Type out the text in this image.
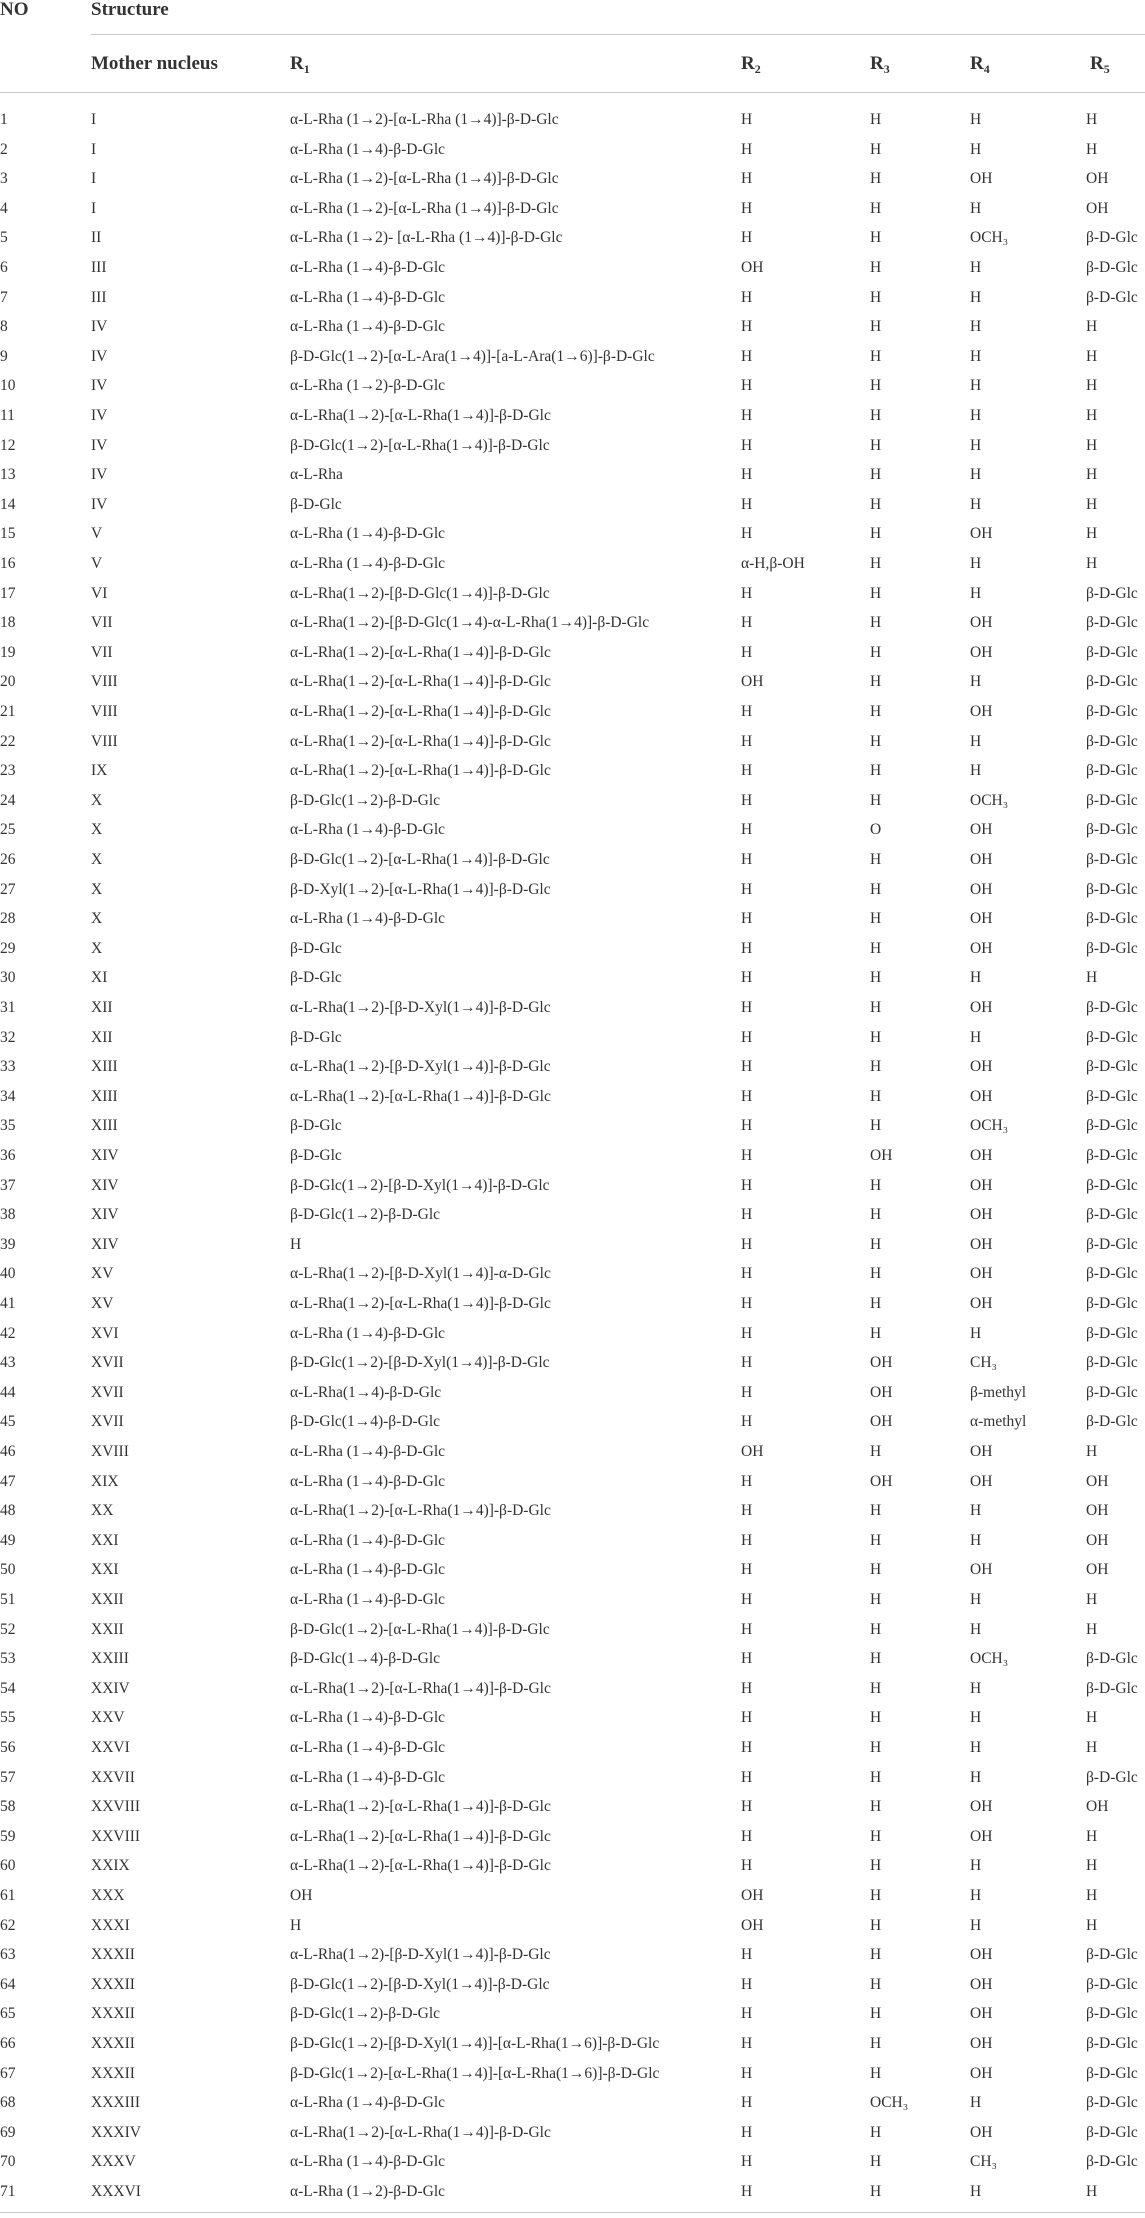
NO	Structure
Mother nucleus	$R_1$	$R_2$	$R_3$	$R_4$	$R_5$
1	I	α-L-Rha (1→2)-[α-L-Rha (1→4)]-β-D-Glc	H	H	H	H
2	I	α-L-Rha (1→4)-β-D-Glc	H	H	H	H
3	I	α-L-Rha (1→2)-[α-L-Rha (1→4)]-β-D-Glc	H	H	OH	OH
4	I	α-L-Rha (1→2)-[α-L-Rha (1→4)]-β-D-Glc	H	H	H	OH
5	II	α-L-Rha (1→2)- [α-L-Rha (1→4)]-β-D-Glc	H	H	OCH₃	β-D-Glc
6	III	α-L-Rha (1→4)-β-D-Glc	OH	H	H	β-D-Glc
7	III	α-L-Rha (1→4)-β-D-Glc	H	H	H	β-D-Glc
8	IV	α-L-Rha (1→4)-β-D-Glc	H	H	H	H
9	IV	β-D-Glc(1→2)-[α-L-Ara(1→4)]-[a-L-Ara(1→6)]-β-D-Glc	H	H	H	H
10	IV	α-L-Rha (1→2)-β-D-Glc	H	H	H	H
11	IV	α-L-Rha(1→2)-[α-L-Rha(1→4)]-β-D-Glc	H	H	H	H
12	IV	β-D-Glc(1→2)-[α-L-Rha(1→4)]-β-D-Glc	H	H	H	H
13	IV	α-L-Rha	H	H	H	H
14	IV	β-D-Glc	H	H	H	H
15	V	α-L-Rha (1→4)-β-D-Glc	H	H	OH	H
16	V	α-L-Rha (1→4)-β-D-Glc	α-H,β-OH	H	H	H
17	VI	α-L-Rha(1→2)-[β-D-Glc(1→4)]-β-D-Glc	H	H	H	β-D-Glc
18	VII	α-L-Rha(1→2)-[β-D-Glc(1→4)-α-L-Rha(1→4)]-β-D-Glc	H	H	OH	β-D-Glc
19	VII	α-L-Rha(1→2)-[α-L-Rha(1→4)]-β-D-Glc	H	H	OH	β-D-Glc
20	VIII	α-L-Rha(1→2)-[α-L-Rha(1→4)]-β-D-Glc	OH	H	H	β-D-Glc
21	VIII	α-L-Rha(1→2)-[α-L-Rha(1→4)]-β-D-Glc	H	H	OH	β-D-Glc
22	VIII	α-L-Rha(1→2)-[α-L-Rha(1→4)]-β-D-Glc	H	H	H	β-D-Glc
23	IX	α-L-Rha(1→2)-[α-L-Rha(1→4)]-β-D-Glc	H	H	H	β-D-Glc
24	X	β-D-Glc(1→2)-β-D-Glc	H	H	OCH₃	β-D-Glc
25	X	α-L-Rha (1→4)-β-D-Glc	H	O	OH	β-D-Glc
26	X	β-D-Glc(1→2)-[α-L-Rha(1→4)]-β-D-Glc	H	H	OH	β-D-Glc
27	X	β-D-Xyl(1→2)-[α-L-Rha(1→4)]-β-D-Glc	H	H	OH	β-D-Glc
28	X	α-L-Rha (1→4)-β-D-Glc	H	H	OH	β-D-Glc
29	X	β-D-Glc	H	H	OH	β-D-Glc
30	XI	β-D-Glc	H	H	H	H
31	XII	α-L-Rha(1→2)-[β-D-Xyl(1→4)]-β-D-Glc	H	H	OH	β-D-Glc
32	XII	β-D-Glc	H	H	H	β-D-Glc
33	XIII	α-L-Rha(1→2)-[β-D-Xyl(1→4)]-β-D-Glc	H	H	OH	β-D-Glc
34	XIII	α-L-Rha(1→2)-[α-L-Rha(1→4)]-β-D-Glc	H	H	OH	β-D-Glc
35	XIII	β-D-Glc	H	H	OCH₃	β-D-Glc
36	XIV	β-D-Glc	H	OH	OH	β-D-Glc
37	XIV	β-D-Glc(1→2)-[β-D-Xyl(1→4)]-β-D-Glc	H	H	OH	β-D-Glc
38	XIV	β-D-Glc(1→2)-β-D-Glc	H	H	OH	β-D-Glc
39	XIV	H	H	H	OH	β-D-Glc
40	XV	α-L-Rha(1→2)-[β-D-Xyl(1→4)]-α-D-Glc	H	H	OH	β-D-Glc
41	XV	α-L-Rha(1→2)-[α-L-Rha(1→4)]-β-D-Glc	H	H	OH	β-D-Glc
42	XVI	α-L-Rha (1→4)-β-D-Glc	H	H	H	β-D-Glc
43	XVII	β-D-Glc(1→2)-[β-D-Xyl(1→4)]-β-D-Glc	H	OH	CH₃	β-D-Glc
44	XVII	α-L-Rha(1→4)-β-D-Glc	H	OH	β-methyl	β-D-Glc
45	XVII	β-D-Glc(1→4)-β-D-Glc	H	OH	α-methyl	β-D-Glc
46	XVIII	α-L-Rha (1→4)-β-D-Glc	OH	H	OH	H
47	XIX	α-L-Rha (1→4)-β-D-Glc	H	OH	OH	OH
48	XX	α-L-Rha(1→2)-[α-L-Rha(1→4)]-β-D-Glc	H	H	H	OH
49	XXI	α-L-Rha (1→4)-β-D-Glc	H	H	H	OH
50	XXI	α-L-Rha (1→4)-β-D-Glc	H	H	OH	OH
51	XXII	α-L-Rha (1→4)-β-D-Glc	H	H	H	H
52	XXII	β-D-Glc(1→2)-[α-L-Rha(1→4)]-β-D-Glc	H	H	H	H
53	XXIII	β-D-Glc(1→4)-β-D-Glc	H	H	OCH₃	β-D-Glc
54	XXIV	α-L-Rha(1→2)-[α-L-Rha(1→4)]-β-D-Glc	H	H	H	β-D-Glc
55	XXV	α-L-Rha (1→4)-β-D-Glc	H	H	H	H
56	XXVI	α-L-Rha (1→4)-β-D-Glc	H	H	H	H
57	XXVII	α-L-Rha (1→4)-β-D-Glc	H	H	H	β-D-Glc
58	XXVIII	α-L-Rha(1→2)-[α-L-Rha(1→4)]-β-D-Glc	H	H	OH	OH
59	XXVIII	α-L-Rha(1→2)-[α-L-Rha(1→4)]-β-D-Glc	H	H	OH	H
60	XXIX	α-L-Rha(1→2)-[α-L-Rha(1→4)]-β-D-Glc	H	H	H	H
61	XXX	OH	OH	H	H	H
62	XXXI	H	OH	H	H	H
63	XXXII	α-L-Rha(1→2)-[β-D-Xyl(1→4)]-β-D-Glc	H	H	OH	β-D-Glc
64	XXXII	β-D-Glc(1→2)-[β-D-Xyl(1→4)]-β-D-Glc	H	H	OH	β-D-Glc
65	XXXII	β-D-Glc(1→2)-β-D-Glc	H	H	OH	β-D-Glc
66	XXXII	β-D-Glc(1→2)-[β-D-Xyl(1→4)]-[α-L-Rha(1→6)]-β-D-Glc	H	H	OH	β-D-Glc
67	XXXII	β-D-Glc(1→2)-[α-L-Rha(1→4)]-[α-L-Rha(1→6)]-β-D-Glc	H	H	OH	β-D-Glc
68	XXXIII	α-L-Rha (1→4)-β-D-Glc	H	OCH₃	H	β-D-Glc
69	XXXIV	α-L-Rha(1→2)-[α-L-Rha(1→4)]-β-D-Glc	H	H	OH	β-D-Glc
70	XXXV	α-L-Rha (1→4)-β-D-Glc	H	H	CH₃	β-D-Glc
71	XXXVI	α-L-Rha (1→2)-β-D-Glc	H	H	H	H
